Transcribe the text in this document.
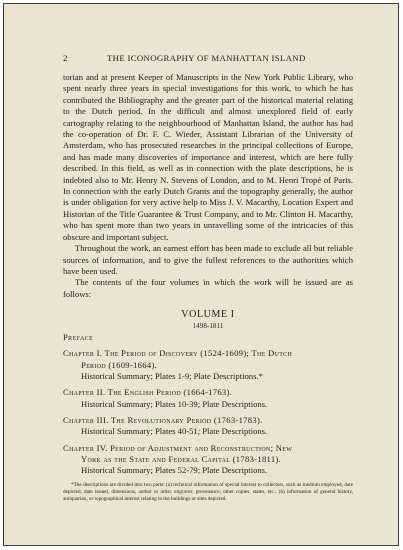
2	THE ICONOGRAPHY OF MANHATTAN ISLAND

torian and at present Keeper of Manuscripts in the New York Public Library, who spent nearly three years in special investigations for this work, to which he has contributed the Bibliography and the greater part of the historical material relating to the Dutch period. In the difficult and almost unexplored field of early cartography relating to the neighbourhood of Manhattan Island, the author has had the co-operation of Dr. F. C. Wieder, Assistant Librarian of the University of Amsterdam, who has prosecuted researches in the principal collections of Europe, and has made many discoveries of importance and interest, which are here fully described. In this field, as well as in connection with the plate descriptions, he is indebted also to Mr. Henry N. Stevens of London, and to M. Henri Tropé of Paris. In connection with the early Dutch Grants and the topography generally, the author is under obligation for very active help to Miss J. V. Macarthy, Location Expert and Historian of the Title Guarantee & Trust Company, and to Mr. Clinton H. Macarthy, who has spent more than two years in unravelling some of the intricacies of this obscure and important subject.

Throughout the work, an earnest effort has been made to exclude all but reliable sources of information, and to give the fullest references to the authorities which have been used.

The contents of the four volumes in which the work will be issued are as follows:

VOLUME I
1498-1811
Preface
Chapter I. The Period of Discovery (1524-1609); The Dutch
Period (1609-1664).
Historical Summary; Plates 1-9; Plate Descriptions.*
Chapter II. The English Period (1664-1763).
Historical Summary; Plates 10-39; Plate Descriptions.
Chapter III. The Revolutionary Period (1763-1783).
Historical Summary; Plates 40-51; Plate Descriptions.
Chapter IV. Period of Adjustment and Reconstruction; New
York as the State and Federal Capital (1783-1811).
Historical Summary; Plates 52-79; Plate Descriptions.

*The descriptions are divided into two parts: (a) technical information of special interest to collectors, such as medium employed, date depicted, date issued, dimensions, author or artist, engraver, provenance, other copies, states, etc.; (b) information of general history, antiquarian, or topographical interest relating to the buildings or sites depicted.
